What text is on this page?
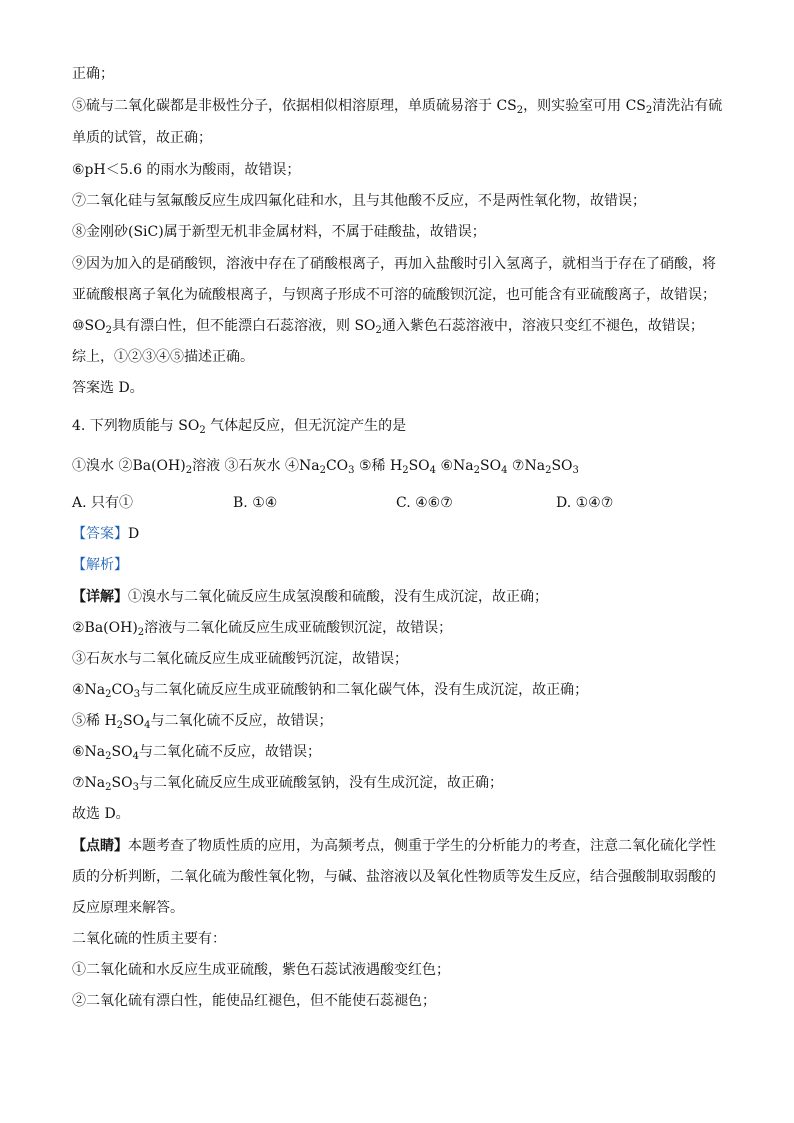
正确；
⑤硫与二氧化碳都是非极性分子，依据相似相溶原理，单质硫易溶于 $CS_2$，则实验室可用 $CS_2$清洗沾有硫
单质的试管，故正确；
⑥pH＜5.6 的雨水为酸雨，故错误；
⑦二氧化硅与氢氟酸反应生成四氟化硅和水，且与其他酸不反应，不是两性氧化物，故错误；
⑧金刚砂(SiC)属于新型无机非金属材料，不属于硅酸盐，故错误；
⑨因为加入的是硝酸钡，溶液中存在了硝酸根离子，再加入盐酸时引入氢离子，就相当于存在了硝酸，将
亚硫酸根离子氧化为硫酸根离子，与钡离子形成不可溶的硫酸钡沉淀，也可能含有亚硫酸离子，故错误；
$⑩SO_2$具有漂白性，但不能漂白石蕊溶液，则 $SO_2$通入紫色石蕊溶液中，溶液只变红不褪色，故错误；
综上，①②③④⑤描述正确。
答案选 D。
4. 下列物质能与 $SO_2$ 气体起反应，但无沉淀产生的是
①溴水 $②Ba(OH)_2$溶液 ③石灰水 $④Na_2CO_3$ ⑤稀 $H_2SO_4$ $⑥Na_2SO_4$ $⑦Na_2SO_3$
A. 只有①	B. ①④	C. ④⑥⑦	D. ①④⑦
【答案】D
【解析】
【详解】①溴水与二氧化硫反应生成氢溴酸和硫酸，没有生成沉淀，故正确；
$②Ba(OH)_2$溶液与二氧化硫反应生成亚硫酸钡沉淀，故错误；
③石灰水与二氧化硫反应生成亚硫酸钙沉淀，故错误；
$④Na_2CO_3$与二氧化硫反应生成亚硫酸钠和二氧化碳气体，没有生成沉淀，故正确；
⑤稀 $H_2SO_4$与二氧化硫不反应，故错误；
$⑥Na_2SO_4$与二氧化硫不反应，故错误；
$⑦Na_2SO_3$与二氧化硫反应生成亚硫酸氢钠，没有生成沉淀，故正确；
故选 D。
【点睛】本题考查了物质性质的应用，为高频考点，侧重于学生的分析能力的考查，注意二氧化硫化学性
质的分析判断，二氧化硫为酸性氧化物，与碱、盐溶液以及氧化性物质等发生反应，结合强酸制取弱酸的
反应原理来解答。
二氧化硫的性质主要有：
①二氧化硫和水反应生成亚硫酸，紫色石蕊试液遇酸变红色；
②二氧化硫有漂白性，能使品红褪色，但不能使石蕊褪色；
